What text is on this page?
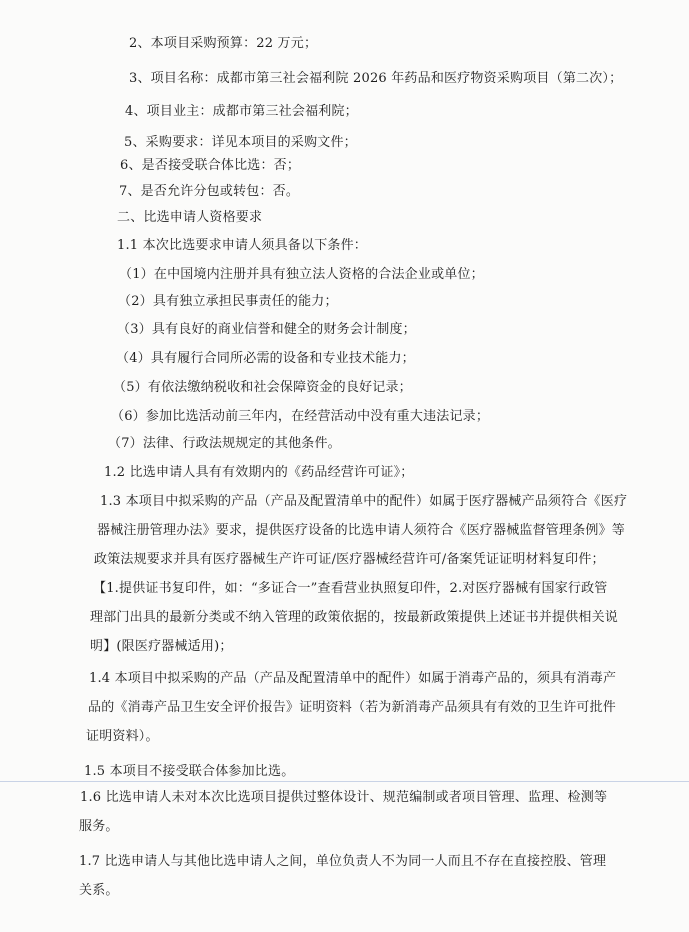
2、本项目采购预算：22 万元；

3、项目名称：成都市第三社会福利院 2026 年药品和医疗物资采购项目（第二次）；

4、项目业主：成都市第三社会福利院；

5、采购要求：详见本项目的采购文件；

6、是否接受联合体比选：否；

7、是否允许分包或转包：否。

二、比选申请人资格要求

1.1 本次比选要求申请人须具备以下条件：

（1）在中国境内注册并具有独立法人资格的合法企业或单位；

（2）具有独立承担民事责任的能力；

（3）具有良好的商业信誉和健全的财务会计制度；

（4）具有履行合同所必需的设备和专业技术能力；

（5）有依法缴纳税收和社会保障资金的良好记录；

（6）参加比选活动前三年内，在经营活动中没有重大违法记录；

（7）法律、行政法规规定的其他条件。

1.2 比选申请人具有有效期内的《药品经营许可证》；

1.3 本项目中拟采购的产品（产品及配置清单中的配件）如属于医疗器械产品须符合《医疗

器械注册管理办法》要求，提供医疗设备的比选申请人须符合《医疗器械监督管理条例》等

政策法规要求并具有医疗器械生产许可证/医疗器械经营许可/备案凭证证明材料复印件；

【1.提供证书复印件，如：“多证合一”查看营业执照复印件，2.对医疗器械有国家行政管

理部门出具的最新分类或不纳入管理的政策依据的，按最新政策提供上述证书并提供相关说

明】(限医疗器械适用)；

1.4 本项目中拟采购的产品（产品及配置清单中的配件）如属于消毒产品的，须具有消毒产

品的《消毒产品卫生安全评价报告》证明资料（若为新消毒产品须具有有效的卫生许可批件

证明资料）。

1.5 本项目不接受联合体参加比选。

1.6 比选申请人未对本次比选项目提供过整体设计、规范编制或者项目管理、监理、检测等

服务。

1.7 比选申请人与其他比选申请人之间，单位负责人不为同一人而且不存在直接控股、管理

关系。
